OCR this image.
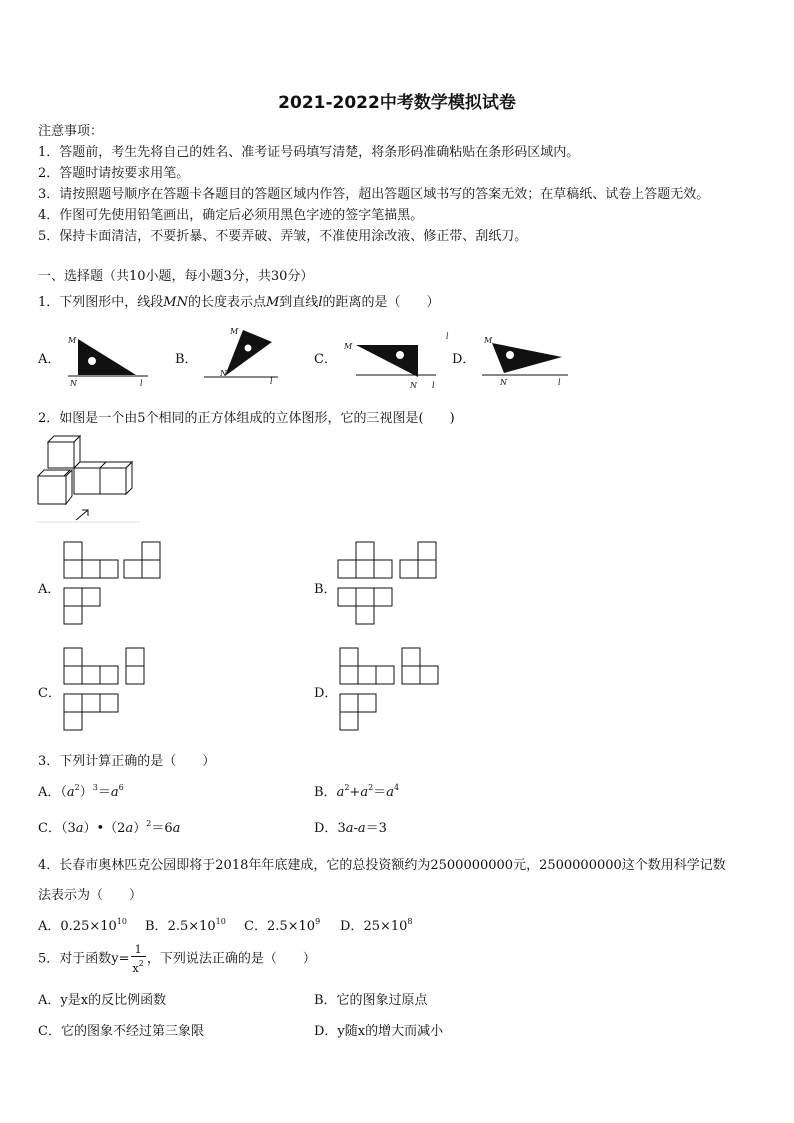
2021-2022中考数学模拟试卷
注意事项：
1．答题前，考生先将自己的姓名、准考证号码填写清楚，将条形码准确粘贴在条形码区域内。
2．答题时请按要求用笔。
3．请按照题号顺序在答题卡各题目的答题区域内作答，超出答题区域书写的答案无效；在草稿纸、试卷上答题无效。
4．作图可先使用铅笔画出，确定后必须用黑色字迹的签字笔描黑。
5．保持卡面清洁，不要折暴、不要弄破、弄皱，不准使用涂改液、修正带、刮纸刀。
一、选择题（共10小题，每小题3分，共30分）
1．下列图形中，线段MN的长度表示点M到直线l的距离的是（　　）
A．
M
N	l
B．
M
N
l
C．
M
N l
D．
M
N	l
l
2．如图是一个由5个相同的正方体组成的立体图形，它的三视图是(　　)
A．	B．
C．	D．
3．下列计算正确的是（　　）
A．$(a^2)^3=a^6$	B．$a^2+a^2=a^4$
C．$(3a)•(2a)^2=6a$	D．3a-a＝3
4．长春市奥林匹克公园即将于2018年年底建成，它的总投资额约为2500000000元，2500000000这个数用科学记数
法表示为（　　）
A．$0.25\times 10^{10}$ B．$2.5\times 10^{10}$ C．$2.5\times 10^9$ D．$25\times 10^8$
5．对于函数$y= \frac{1}{x^2}$ ，下列说法正确的是（　　）
A．y是x的反比例函数	B．它的图象过原点
C．它的图象不经过第三象限	D．y随x的增大而减小
